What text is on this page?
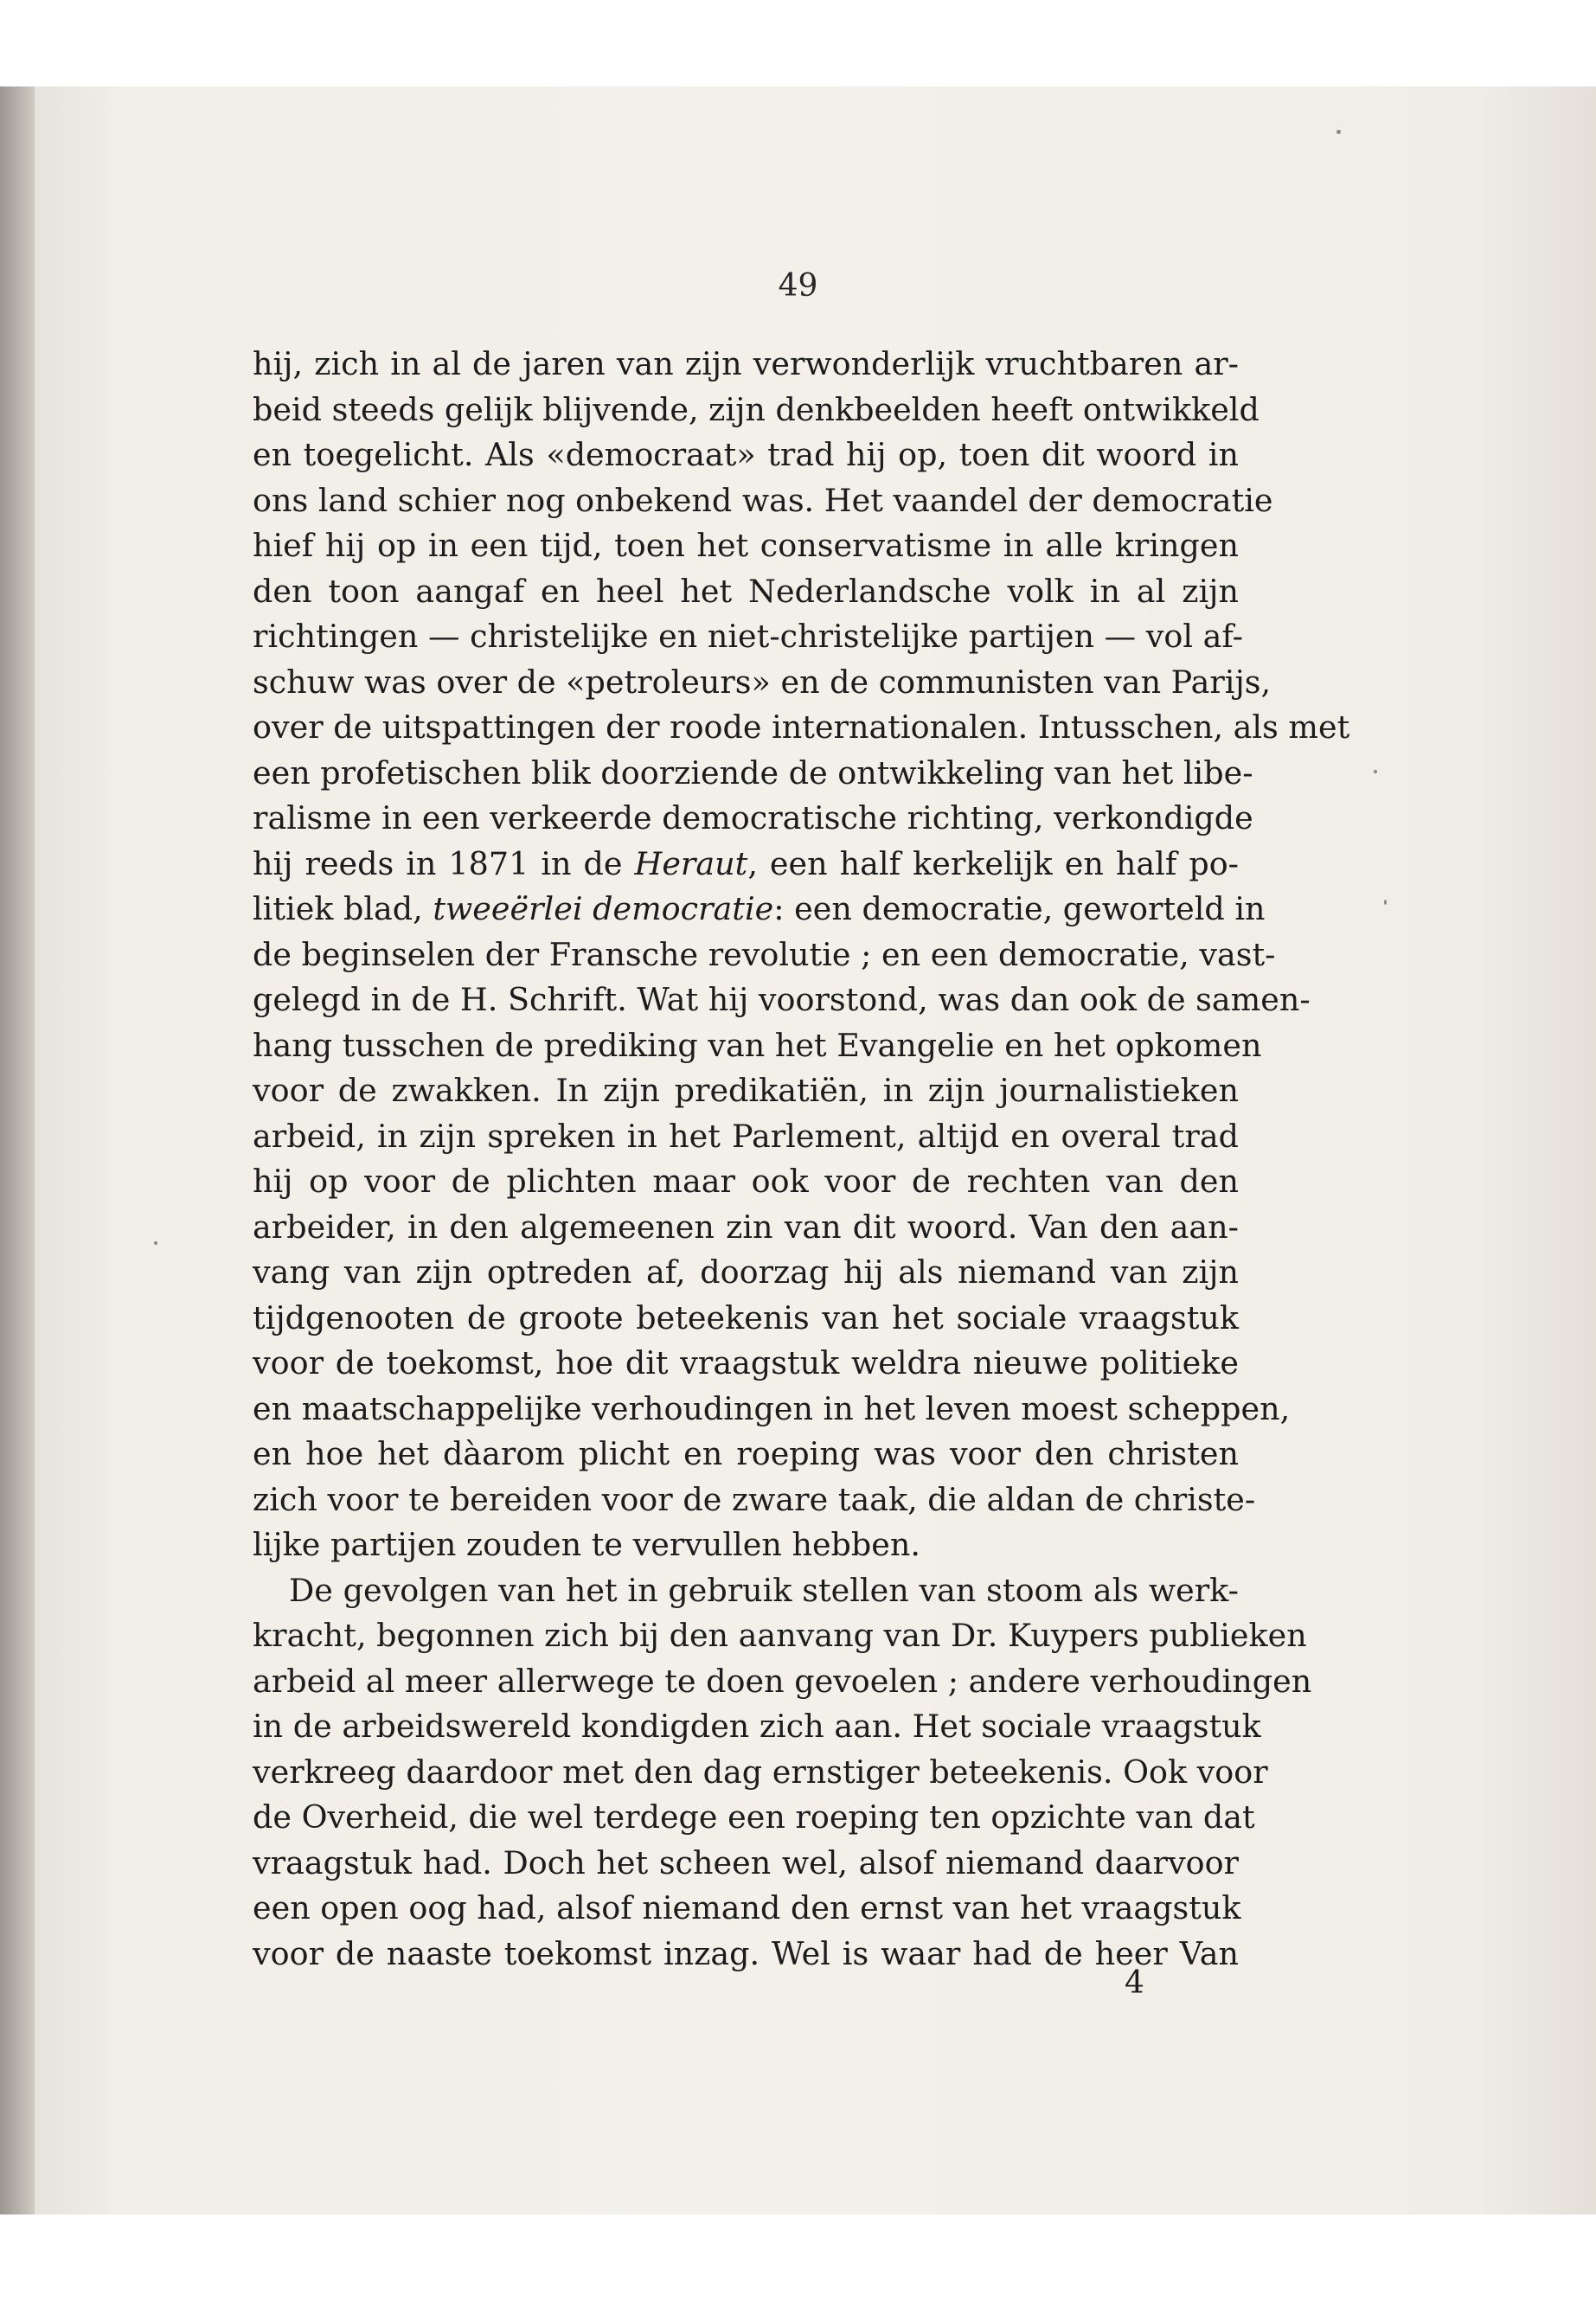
49
hij, zich in al de jaren van zijn verwonderlijk vruchtbaren ar-
beid steeds gelijk blijvende, zijn denkbeelden heeft ontwikkeld
en toegelicht. Als «democraat» trad hij op, toen dit woord in
ons land schier nog onbekend was. Het vaandel der democratie
hief hij op in een tijd, toen het conservatisme in alle kringen
den toon aangaf en heel het Nederlandsche volk in al zijn
richtingen — christelijke en niet-christelijke partijen — vol af-
schuw was over de «petroleurs» en de communisten van Parijs,
over de uitspattingen der roode internationalen. Intusschen, als met
een profetischen blik doorziende de ontwikkeling van het libe-
ralisme in een verkeerde democratische richting, verkondigde
hij reeds in 1871 in de Heraut, een half kerkelijk en half po-
litiek blad, tweeërlei democratie: een democratie, geworteld in
de beginselen der Fransche revolutie ; en een democratie, vast-
gelegd in de H. Schrift. Wat hij voorstond, was dan ook de samen-
hang tusschen de prediking van het Evangelie en het opkomen
voor de zwakken. In zijn predikatiën, in zijn journalistieken
arbeid, in zijn spreken in het Parlement, altijd en overal trad
hij op voor de plichten maar ook voor de rechten van den
arbeider, in den algemeenen zin van dit woord. Van den aan-
vang van zijn optreden af, doorzag hij als niemand van zijn
tijdgenooten de groote beteekenis van het sociale vraagstuk
voor de toekomst, hoe dit vraagstuk weldra nieuwe politieke
en maatschappelijke verhoudingen in het leven moest scheppen,
en hoe het dàarom plicht en roeping was voor den christen
zich voor te bereiden voor de zware taak, die aldan de christe-
lijke partijen zouden te vervullen hebben.
De gevolgen van het in gebruik stellen van stoom als werk-
kracht, begonnen zich bij den aanvang van Dr. Kuypers publieken
arbeid al meer allerwege te doen gevoelen ; andere verhoudingen
in de arbeidswereld kondigden zich aan. Het sociale vraagstuk
verkreeg daardoor met den dag ernstiger beteekenis. Ook voor
de Overheid, die wel terdege een roeping ten opzichte van dat
vraagstuk had. Doch het scheen wel, alsof niemand daarvoor
een open oog had, alsof niemand den ernst van het vraagstuk
voor de naaste toekomst inzag. Wel is waar had de heer Van
4
